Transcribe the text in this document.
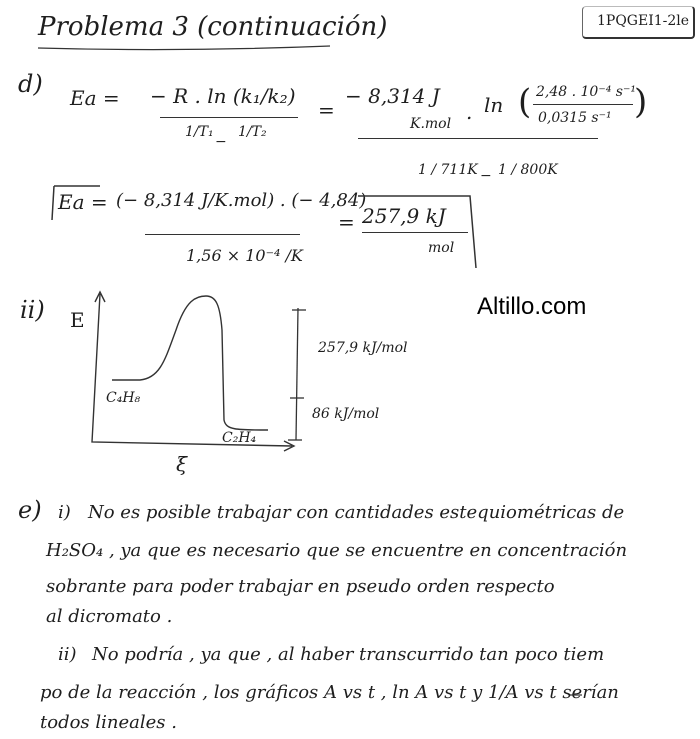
Problema 3 (continuación)	1PQGEI1-2le
d) Ea = − R . ln (k₁/k₂)
1/T₁
−
1/T₂
=
− 8,314 J
K.mol . ln ( 2,48 . 10⁻⁴ s⁻¹
0,0315 s⁻¹ )
1 / 711K − 1 / 800K
Ea = (− 8,314 J/K.mol) . (− 4,84)
1,56 × 10⁻⁴ /K
= 257,9 kJ
mol
ii) E
C₄H₈
C₂H₄
ξ
257,9 kJ/mol
86 kJ/mol
Altillo.com
e) i) No es posible trabajar con cantidades estequiométricas de
H₂SO₄ , ya que es necesario que se encuentre en concentración
sobrante para poder trabajar en pseudo orden respecto
al dicromato .
ii) No podría , ya que , al haber transcurrido tan poco tiem
po de la reacción , los gráficos A vs t , ln A vs t y 1/A vs t serían
todos lineales .
